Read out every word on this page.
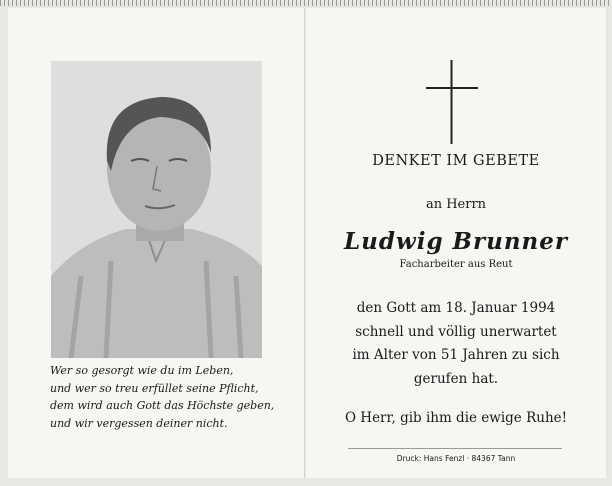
Wer so gesorgt wie du im Leben,
und wer so treu erfüllet seine Pflicht,
dem wird auch Gott das Höchste geben,
und wir vergessen deiner nicht.
DENKET IM GEBETE
an Herrn
Ludwig Brunner
Facharbeiter aus Reut
den Gott am 18. Januar 1994
schnell und völlig unerwartet
im Alter von 51 Jahren zu sich
gerufen hat.
O Herr, gib ihm die ewige Ruhe!
Druck: Hans Fenzl · 84367 Tann
